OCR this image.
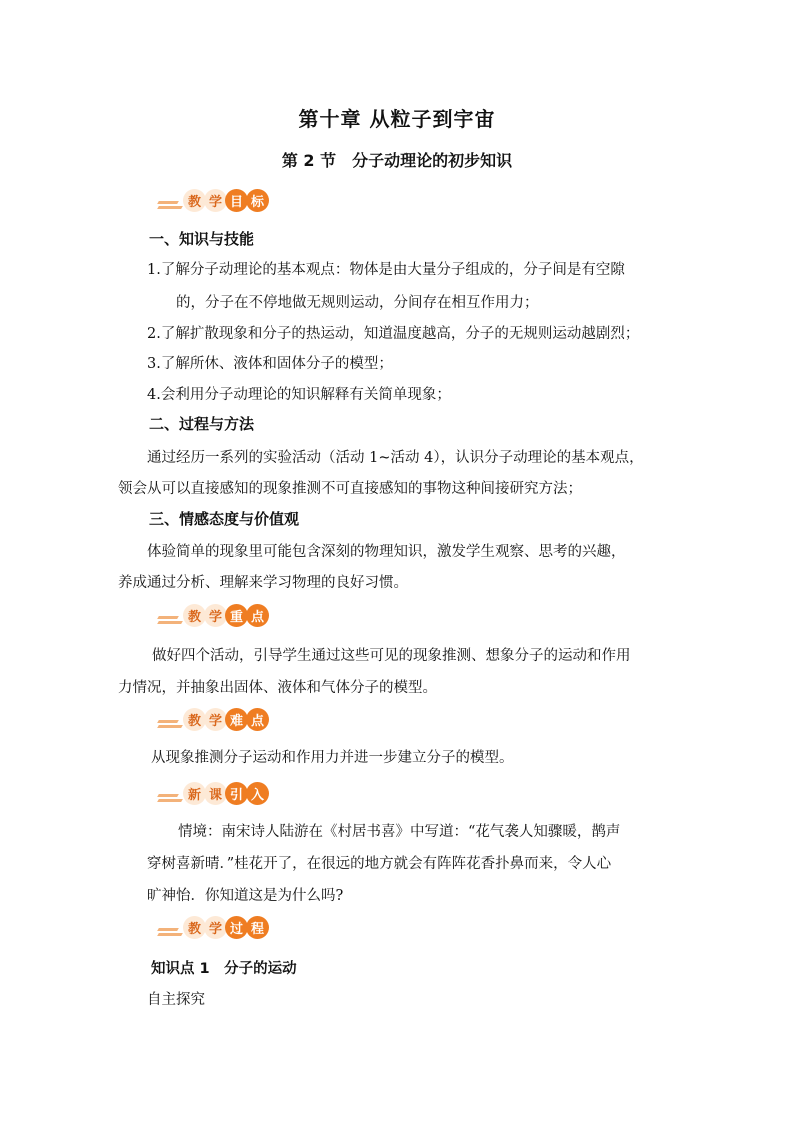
第十章 从粒子到宇宙
第 2 节　分子动理论的初步知识
教 学 目 标
一、知识与技能
1.了解分子动理论的基本观点：物体是由大量分子组成的，分子间是有空隙
的，分子在不停地做无规则运动，分间存在相互作用力；
2.了解扩散现象和分子的热运动，知道温度越高，分子的无规则运动越剧烈；
3.了解所休、液体和固体分子的模型；
4.会利用分子动理论的知识解释有关简单现象；
二、过程与方法
通过经历一系列的实验活动（活动 1~活动 4），认识分子动理论的基本观点，
领会从可以直接感知的现象推测不可直接感知的事物这种间接研究方法；
三、情感态度与价值观
体验简单的现象里可能包含深刻的物理知识，激发学生观察、思考的兴趣，
养成通过分析、理解来学习物理的良好习惯。
教 学 重 点
做好四个活动，引导学生通过这些可见的现象推测、想象分子的运动和作用
力情况，并抽象出固体、液体和气体分子的模型。
教 学 难 点
从现象推测分子运动和作用力并进一步建立分子的模型。
新 课 引 入
情境：南宋诗人陆游在《村居书喜》中写道：“花气袭人知骤暖，鹊声
穿树喜新晴．”桂花开了，在很远的地方就会有阵阵花香扑鼻而来，令人心
旷神怡．你知道这是为什么吗?
教 学 过 程
知识点 1　分子的运动
自主探究
